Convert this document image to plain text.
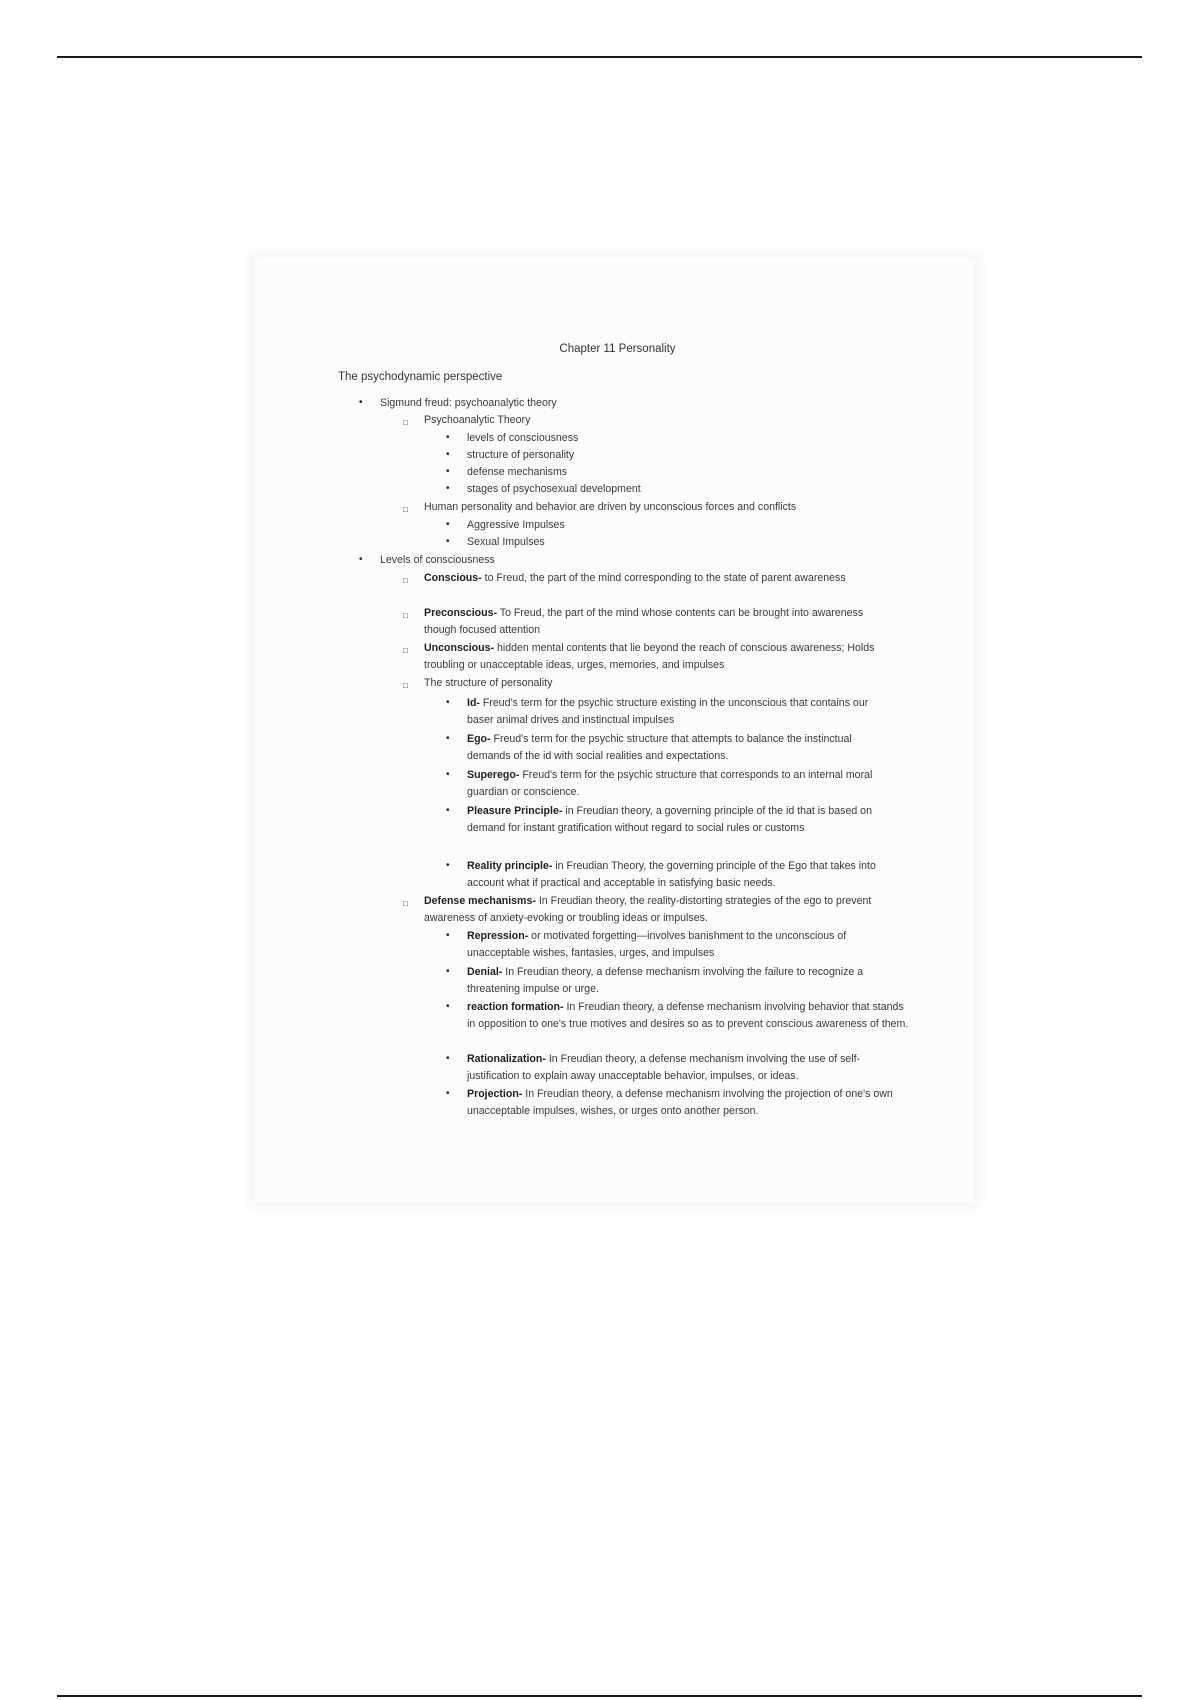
Chapter 11 Personality
The psychodynamic perspective
• Sigmund freud: psychoanalytic theory
□ Psychoanalytic Theory
• levels of consciousness
• structure of personality
• defense mechanisms
• stages of psychosexual development
□ Human personality and behavior are driven by unconscious forces and conflicts
• Aggressive Impulses
• Sexual Impulses
• Levels of consciousness
□ Conscious- to Freud, the part of the mind corresponding to the state of parent awareness
□ Preconscious- To Freud, the part of the mind whose contents can be brought into awareness though focused attention
□ Unconscious- hidden mental contents that lie beyond the reach of conscious awareness; Holds troubling or unacceptable ideas, urges, memories, and impulses
□ The structure of personality
• Id- Freud's term for the psychic structure existing in the unconscious that contains our baser animal drives and instinctual impulses
• Ego- Freud's term for the psychic structure that attempts to balance the instinctual demands of the id with social realities and expectations.
• Superego- Freud's term for the psychic structure that corresponds to an internal moral guardian or conscience.
• Pleasure Principle- in Freudian theory, a governing principle of the id that is based on demand for instant gratification without regard to social rules or customs
• Reality principle- in Freudian Theory, the governing principle of the Ego that takes into account what if practical and acceptable in satisfying basic needs.
□ Defense mechanisms- In Freudian theory, the reality-distorting strategies of the ego to prevent awareness of anxiety-evoking or troubling ideas or impulses.
• Repression- or motivated forgetting—involves banishment to the unconscious of unacceptable wishes, fantasies, urges, and impulses
• Denial- In Freudian theory, a defense mechanism involving the failure to recognize a threatening impulse or urge.
• reaction formation- In Freudian theory, a defense mechanism involving behavior that stands in opposition to one's true motives and desires so as to prevent conscious awareness of them.
• Rationalization- In Freudian theory, a defense mechanism involving the use of self-justification to explain away unacceptable behavior, impulses, or ideas.
• Projection- In Freudian theory, a defense mechanism involving the projection of one's own unacceptable impulses, wishes, or urges onto another person.
